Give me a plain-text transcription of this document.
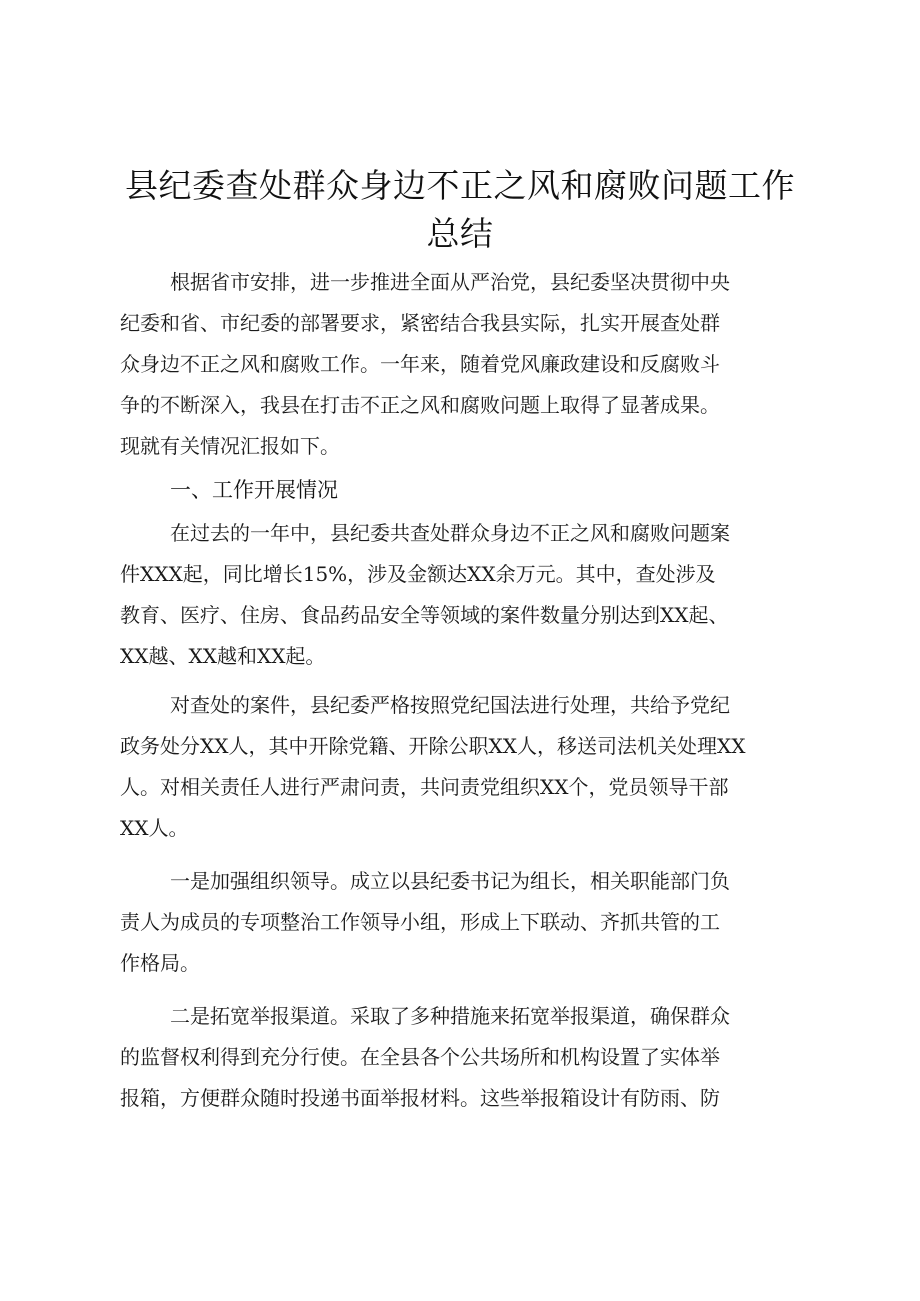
县纪委查处群众身边不正之风和腐败问题工作
总结
根据省市安排，进一步推进全面从严治党，县纪委坚决贯彻中央
纪委和省、市纪委的部署要求，紧密结合我县实际，扎实开展查处群
众身边不正之风和腐败工作。一年来，随着党风廉政建设和反腐败斗
争的不断深入，我县在打击不正之风和腐败问题上取得了显著成果。
现就有关情况汇报如下。
一、工作开展情况
在过去的一年中，县纪委共查处群众身边不正之风和腐败问题案
件XXX起，同比增长15%，涉及金额达XX余万元。其中，查处涉及
教育、医疗、住房、食品药品安全等领域的案件数量分别达到XX起、
XX越、XX越和XX起。
对查处的案件，县纪委严格按照党纪国法进行处理，共给予党纪
政务处分XX人，其中开除党籍、开除公职XX人，移送司法机关处理XX
人。对相关责任人进行严肃问责，共问责党组织XX个，党员领导干部
XX人。
一是加强组织领导。成立以县纪委书记为组长，相关职能部门负
责人为成员的专项整治工作领导小组，形成上下联动、齐抓共管的工
作格局。
二是拓宽举报渠道。采取了多种措施来拓宽举报渠道，确保群众
的监督权利得到充分行使。在全县各个公共场所和机构设置了实体举
报箱，方便群众随时投递书面举报材料。这些举报箱设计有防雨、防
